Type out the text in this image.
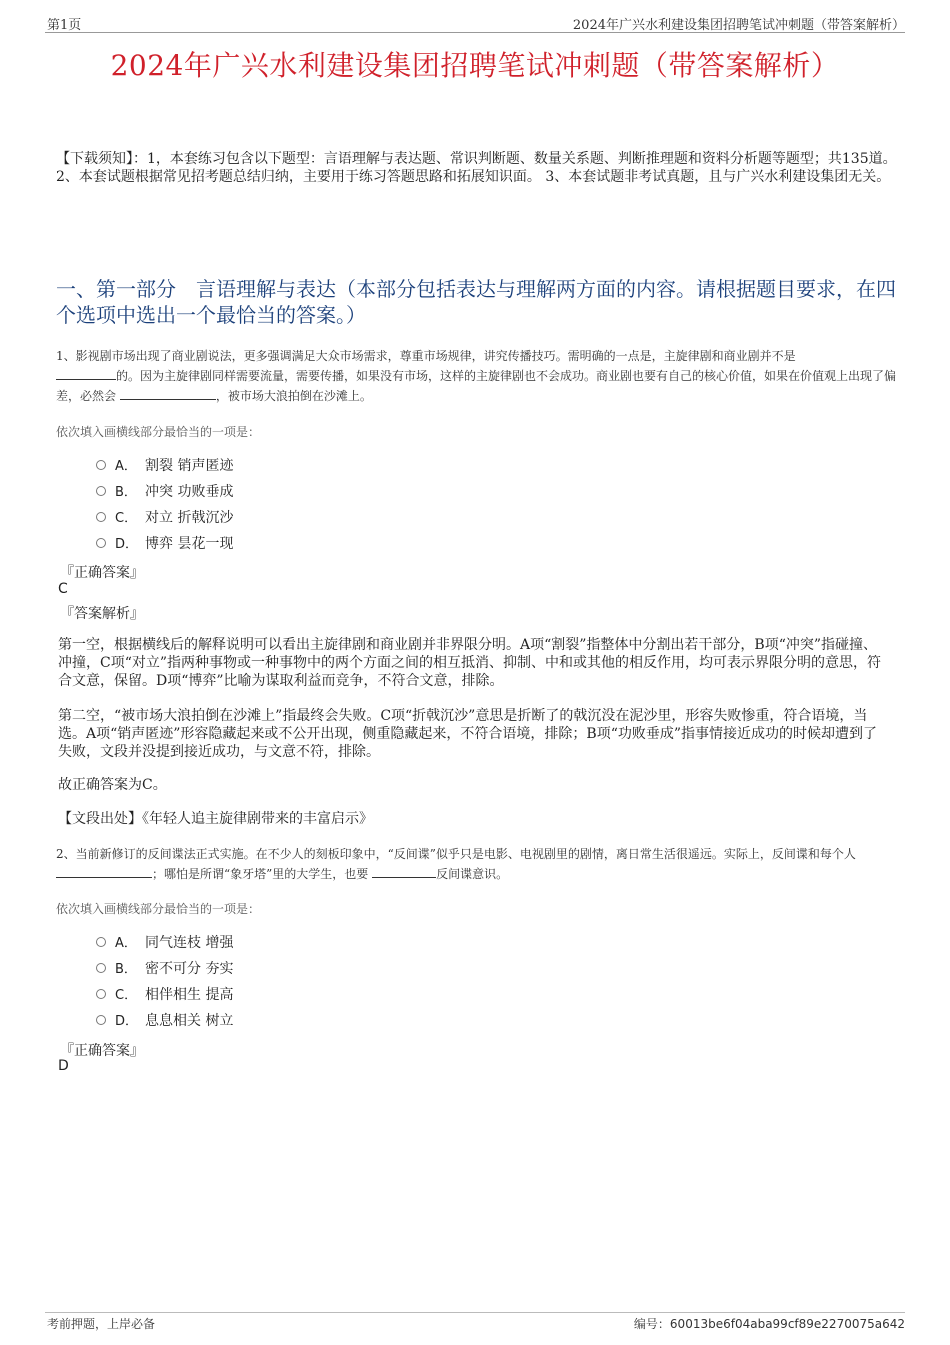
第1页	2024年广兴水利建设集团招聘笔试冲刺题（带答案解析）
2024年广兴水利建设集团招聘笔试冲刺题（带答案解析）
【下载须知】：1，本套练习包含以下题型：言语理解与表达题、常识判断题、数量关系题、判断推理题和资料分析题等题型；共135道。 2、本套试题根据常见招考题总结归纳，主要用于练习答题思路和拓展知识面。 3、本套试题非考试真题，且与广兴水利建设集团无关。
一、第一部分　言语理解与表达（本部分包括表达与理解两方面的内容。请根据题目要求，在四个选项中选出一个最恰当的答案。）
1、影视剧市场出现了商业剧说法，更多强调满足大众市场需求，尊重市场规律，讲究传播技巧。需明确的一点是，主旋律剧和商业剧并不是
的。因为主旋律剧同样需要流量，需要传播，如果没有市场，这样的主旋律剧也不会成功。商业剧也要有自己的核心价值，如果在价值观上出现了偏差，必然会	，被市场大浪拍倒在沙滩上。
依次填入画横线部分最恰当的一项是：
A． 割裂 销声匿迹
B． 冲突 功败垂成
C． 对立 折戟沉沙
D． 博弈 昙花一现
『正确答案』
C
『答案解析』
第一空，根据横线后的解释说明可以看出主旋律剧和商业剧并非界限分明。A项“割裂”指整体中分割出若干部分，B项“冲突”指碰撞、冲撞，C项“对立”指两种事物或一种事物中的两个方面之间的相互抵消、抑制、中和或其他的相反作用，均可表示界限分明的意思，符合文意，保留。D项“博弈”比喻为谋取利益而竞争，不符合文意，排除。
第二空，“被市场大浪拍倒在沙滩上”指最终会失败。C项“折戟沉沙”意思是折断了的戟沉没在泥沙里，形容失败惨重，符合语境，当选。A项“销声匿迹”形容隐藏起来或不公开出现，侧重隐藏起来，不符合语境，排除；B项“功败垂成”指事情接近成功的时候却遭到了失败，文段并没提到接近成功，与文意不符，排除。
故正确答案为C。
【文段出处】《年轻人追主旋律剧带来的丰富启示》
2、当前新修订的反间谍法正式实施。在不少人的刻板印象中，“反间谍”似乎只是电影、电视剧里的剧情，离日常生活很遥远。实际上，反间谍和每个人 ；哪怕是所谓“象牙塔”里的大学生，也要	反间谍意识。
依次填入画横线部分最恰当的一项是：
A． 同气连枝 增强
B． 密不可分 夯实
C． 相伴相生 提高
D． 息息相关 树立
『正确答案』
D
考前押题，上岸必备	编号：60013be6f04aba99cf89e2270075a642
